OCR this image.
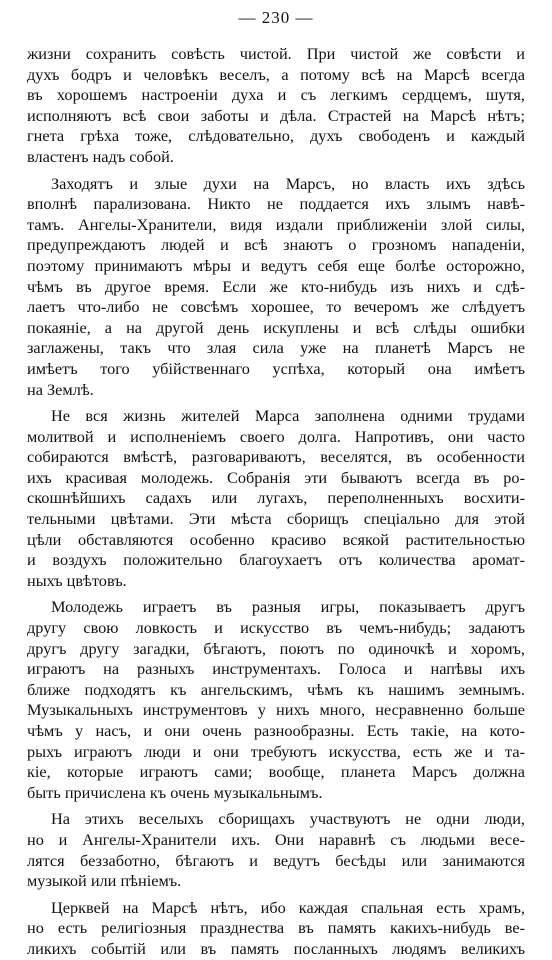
— 230 —
жизни сохранить совѣсть чистой. При чистой же совѣсти и
духъ бодръ и человѣкъ веселъ, а потому всѣ на Марсѣ всегда
въ хорошемъ настроеніи духа и съ легкимъ сердцемъ, шутя,
исполняютъ всѣ свои заботы и дѣла. Страстей на Марсѣ нѣтъ;
гнета грѣха тоже, слѣдовательно, духъ свободенъ и каждый
властенъ надъ собой.
Заходятъ и злые духи на Марсъ, но власть ихъ здѣсь
вполнѣ парализована. Никто не поддается ихъ злымъ навѣ-
тамъ. Ангелы-Хранители, видя издали приближеніи злой силы,
предупреждаютъ людей и всѣ знаютъ о грозномъ нападеніи,
поэтому принимаютъ мѣры и ведутъ себя еще болѣе осторожно,
чѣмъ въ другое время. Если же кто-нибудь изъ нихъ и сдѣ-
лаетъ что-либо не совсѣмъ хорошее, то вечеромъ же слѣдуетъ
покаяніе, а на другой день искуплены и всѣ слѣды ошибки
заглажены, такъ что злая сила уже на планетѣ Марсъ не
имѣетъ того убійственнаго успѣха, который она имѣетъ
на Землѣ.
Не вся жизнь жителей Марса заполнена одними трудами
молитвой и исполненіемъ своего долга. Напротивъ, они часто
собираются вмѣстѣ, разговариваютъ, веселятся, въ особенности
ихъ красивая молодежь. Собранія эти бываютъ всегда въ ро-
скошнѣйшихъ садахъ или лугахъ, переполненныхъ восхити-
тельными цвѣтами. Эти мѣста сборищъ спеціально для этой
цѣли обставляются особенно красиво всякой растительностью
и воздухъ положительно благоухаетъ отъ количества аромат-
ныхъ цвѣтовъ.
Молодежь играетъ въ разныя игры, показываетъ другъ
другу свою ловкость и искусство въ чемъ-нибудь; задаютъ
другъ другу загадки, бѣгаютъ, поютъ по одиночкѣ и хоромъ,
играютъ на разныхъ инструментахъ. Голоса и напѣвы ихъ
ближе подходятъ къ ангельскимъ, чѣмъ къ нашимъ земнымъ.
Музыкальныхъ инструментовъ у нихъ много, несравненно больше
чѣмъ у насъ, и они очень разнообразны. Есть такіе, на кото-
рыхъ играютъ люди и они требуютъ искусства, есть же и та-
кіе, которые играютъ сами; вообще, планета Марсъ должна
быть причислена къ очень музыкальнымъ.
На этихъ веселыхъ сборищахъ участвуютъ не одни люди,
но и Ангелы-Хранители ихъ. Они наравнѣ съ людьми весе-
лятся беззаботно, бѣгаютъ и ведутъ бесѣды или занимаются
музыкой или пѣніемъ.
Церквей на Марсѣ нѣтъ, ибо каждая спальная есть храмъ,
но есть религіозныя празднества въ память какихъ-нибудь ве-
ликихъ событій или въ память посланныхъ людямъ великихъ
